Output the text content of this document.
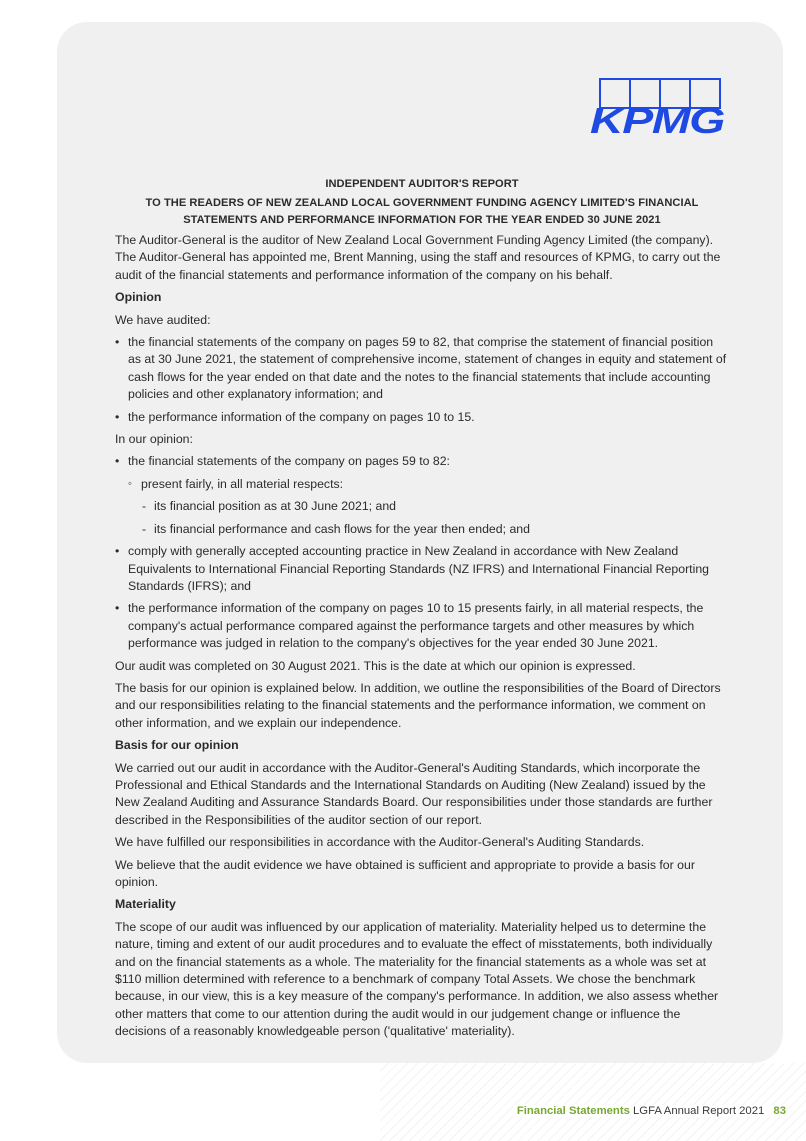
KPMG
INDEPENDENT AUDITOR'S REPORT
TO THE READERS OF NEW ZEALAND LOCAL GOVERNMENT FUNDING AGENCY LIMITED'S FINANCIAL
STATEMENTS AND PERFORMANCE INFORMATION FOR THE YEAR ENDED 30 JUNE 2021

The Auditor-General is the auditor of New Zealand Local Government Funding Agency Limited (the company). The Auditor-General has appointed me, Brent Manning, using the staff and resources of KPMG, to carry out the audit of the financial statements and performance information of the company on his behalf.

Opinion

We have audited:

• the financial statements of the company on pages 59 to 82, that comprise the statement of financial position as at 30 June 2021, the statement of comprehensive income, statement of changes in equity and statement of cash flows for the year ended on that date and the notes to the financial statements that include accounting policies and other explanatory information; and
• the performance information of the company on pages 10 to 15.

In our opinion:

• the financial statements of the company on pages 59 to 82:
◦ present fairly, in all material respects:
- its financial position as at 30 June 2021; and
- its financial performance and cash flows for the year then ended; and
• comply with generally accepted accounting practice in New Zealand in accordance with New Zealand Equivalents to International Financial Reporting Standards (NZ IFRS) and International Financial Reporting Standards (IFRS); and
• the performance information of the company on pages 10 to 15 presents fairly, in all material respects, the company's actual performance compared against the performance targets and other measures by which performance was judged in relation to the company's objectives for the year ended 30 June 2021.

Our audit was completed on 30 August 2021. This is the date at which our opinion is expressed.

The basis for our opinion is explained below. In addition, we outline the responsibilities of the Board of Directors and our responsibilities relating to the financial statements and the performance information, we comment on other information, and we explain our independence.

Basis for our opinion

We carried out our audit in accordance with the Auditor-General's Auditing Standards, which incorporate the Professional and Ethical Standards and the International Standards on Auditing (New Zealand) issued by the New Zealand Auditing and Assurance Standards Board. Our responsibilities under those standards are further described in the Responsibilities of the auditor section of our report.

We have fulfilled our responsibilities in accordance with the Auditor-General's Auditing Standards.

We believe that the audit evidence we have obtained is sufficient and appropriate to provide a basis for our opinion.

Materiality

The scope of our audit was influenced by our application of materiality. Materiality helped us to determine the nature, timing and extent of our audit procedures and to evaluate the effect of misstatements, both individually and on the financial statements as a whole. The materiality for the financial statements as a whole was set at $110 million determined with reference to a benchmark of company Total Assets. We chose the benchmark because, in our view, this is a key measure of the company's performance. In addition, we also assess whether other matters that come to our attention during the audit would in our judgement change or influence the decisions of a reasonably knowledgeable person ('qualitative' materiality).

Financial Statements LGFA Annual Report 2021 83
